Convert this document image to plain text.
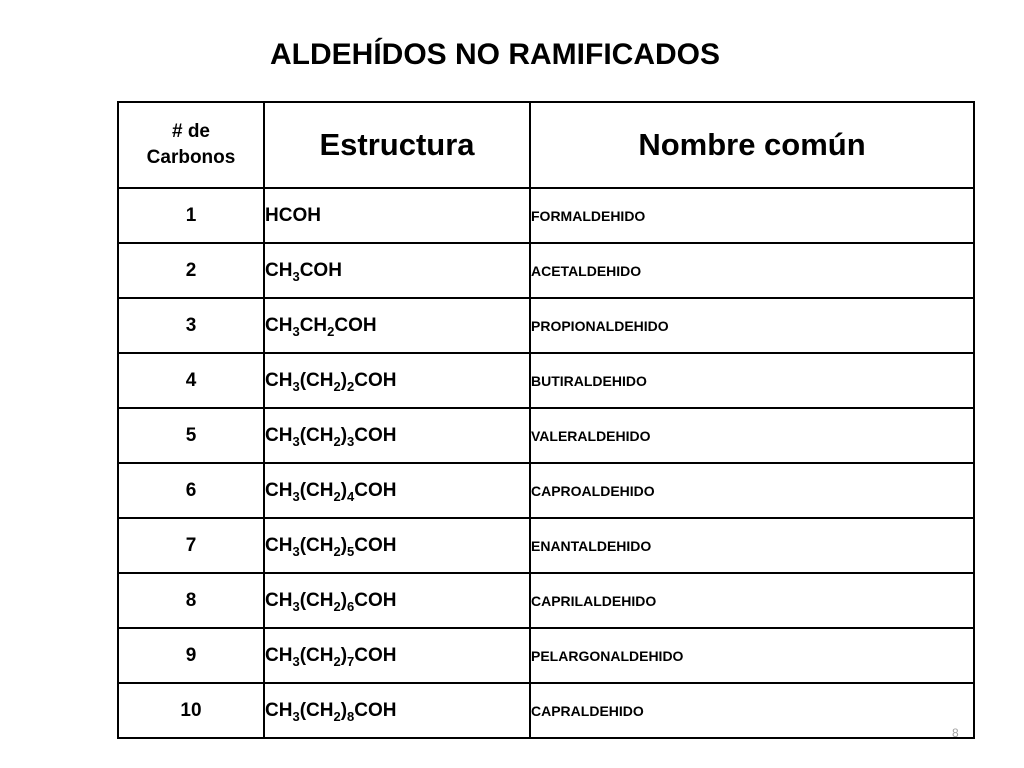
ALDEHÍDOS NO RAMIFICADOS
# de
Carbonos	Estructura	Nombre común
1	HCOH	FORMALDEHIDO
2	$CH_3COH$	ACETALDEHIDO
3	$CH_3CH_2COH$	PROPIONALDEHIDO
4	$CH_3(CH_2)_2COH$	BUTIRALDEHIDO
5	$CH_3(CH_2)_3COH$	VALERALDEHIDO
6	$CH_3(CH_2)_4COH$	CAPROALDEHIDO
7	$CH_3(CH_2)_5COH$	ENANTALDEHIDO
8	$CH_3(CH_2)_6COH$	CAPRILALDEHIDO
9	$CH_3(CH_2)_7COH$	PELARGONALDEHIDO
10	$CH_3(CH_2)_8COH$	CAPRALDEHIDO
8
